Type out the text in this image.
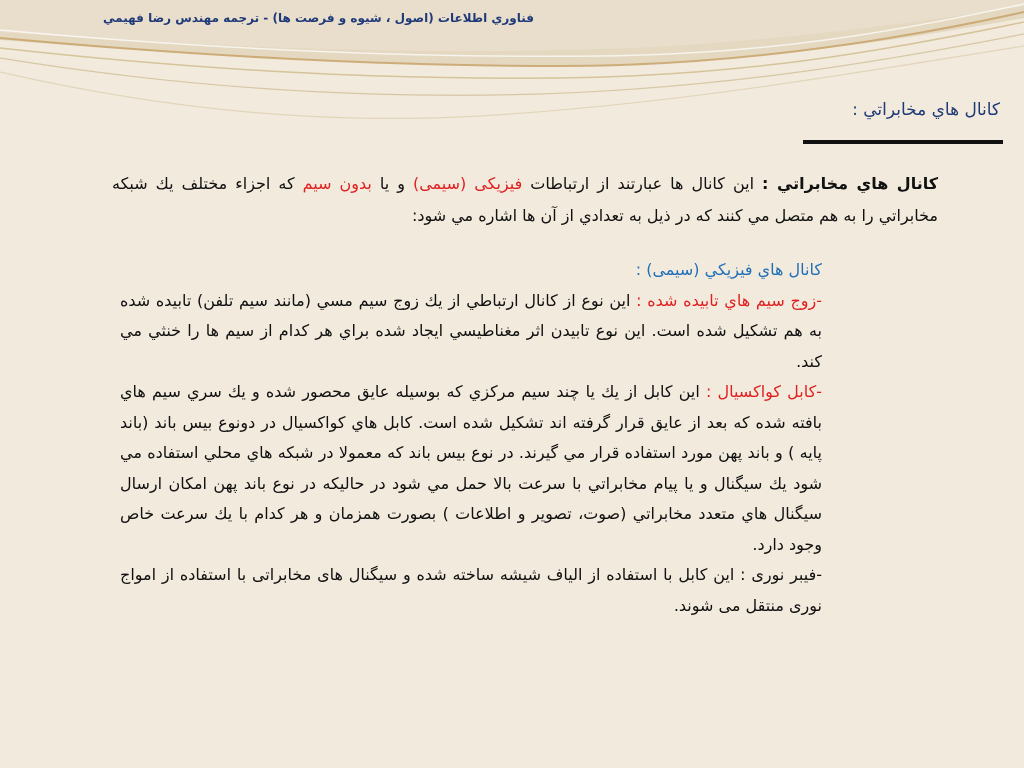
فناوري اطلاعات (اصول ، شيوه و فرصت ها) - ترجمه مهندس رضا فهيمي
كانال هاي مخابراتي :
كانال هاي مخابراتي : اين كانال ها عبارتند از ارتباطات فیزیکی (سیمی) و يا بدون سيم كه اجزاء مختلف يك شبكه مخابراتي را به هم متصل مي كنند كه در ذيل به تعدادي از آن ها اشاره مي شود:

كانال هاي فيزيكي (سیمی) :

-زوج سيم هاي تابيده شده : اين نوع از كانال ارتباطي از يك زوج سيم مسي (مانند سيم تلفن) تابيده شده به هم تشكيل شده است. اين نوع تابيدن اثر مغناطيسي ايجاد شده براي هر كدام از سيم ها را خنثي مي كند.

-كابل كواكسيال : اين كابل از يك يا چند سيم مركزي كه بوسيله عايق محصور شده و يك سري سيم هاي بافته شده كه بعد از عايق قرار گرفته اند تشكيل شده است. كابل هاي كواكسيال در دونوع بيس باند (باند پايه ) و باند پهن مورد استفاده قرار مي گيرند. در نوع بيس باند كه معمولا در شبكه هاي محلي استفاده مي شود يك سيگنال و يا پيام مخابراتي با سرعت بالا حمل مي شود در حاليكه در نوع باند پهن امكان ارسال سيگنال هاي متعدد مخابراتي (صوت، تصوير و اطلاعات ) بصورت همزمان و هر كدام با يك سرعت خاص وجود دارد.

-فیبر نوری : این کابل با استفاده از الیاف شیشه ساخته شده و سیگنال های مخابراتی با استفاده از امواج نوری منتقل می شوند.
